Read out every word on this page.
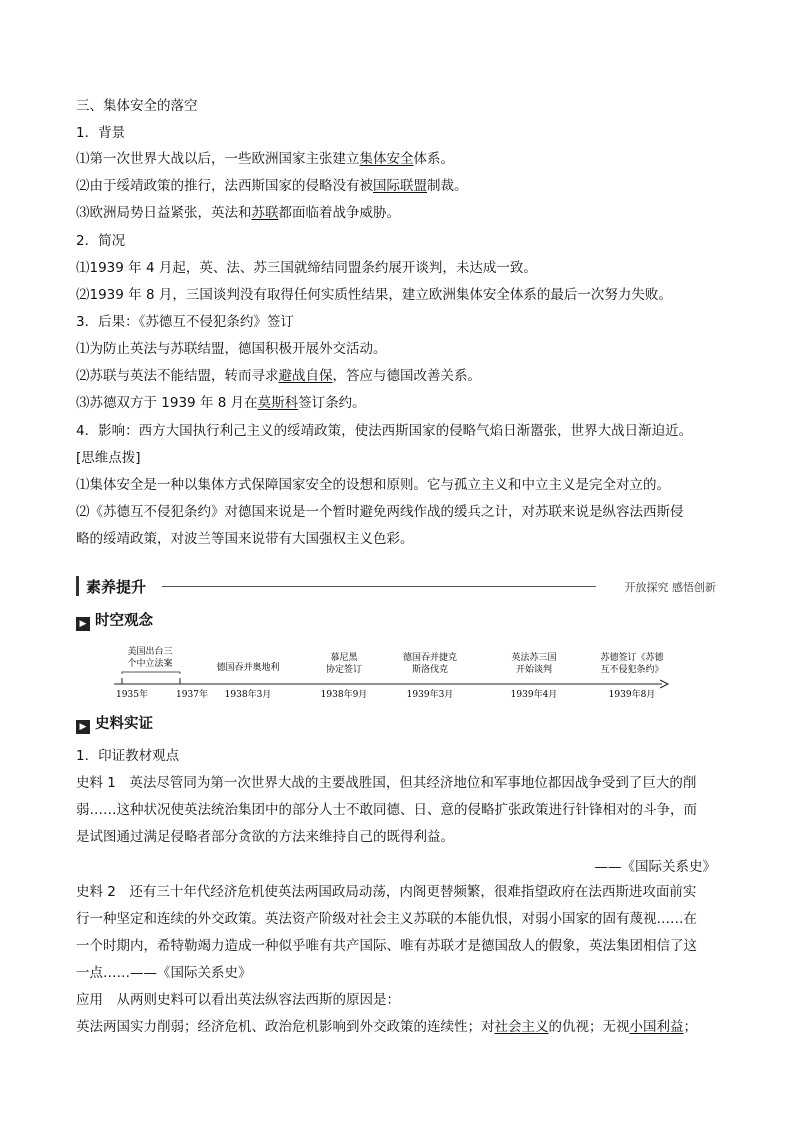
三、集体安全的落空
1．背景
⑴第一次世界大战以后，一些欧洲国家主张建立集体安全体系。
⑵由于绥靖政策的推行，法西斯国家的侵略没有被国际联盟制裁。
⑶欧洲局势日益紧张，英法和苏联都面临着战争威胁。
2．简况
⑴1939 年 4 月起，英、法、苏三国就缔结同盟条约展开谈判，未达成一致。
⑵1939 年 8 月，三国谈判没有取得任何实质性结果，建立欧洲集体安全体系的最后一次努力失败。
3．后果：《苏德互不侵犯条约》签订
⑴为防止英法与苏联结盟，德国积极开展外交活动。
⑵苏联与英法不能结盟，转而寻求避战自保，答应与德国改善关系。
⑶苏德双方于 1939 年 8 月在莫斯科签订条约。
4．影响：西方大国执行利己主义的绥靖政策，使法西斯国家的侵略气焰日渐嚣张，世界大战日渐迫近。
[思维点拨]
⑴集体安全是一种以集体方式保障国家安全的设想和原则。它与孤立主义和中立主义是完全对立的。
⑵《苏德互不侵犯条约》对德国来说是一个暂时避免两线作战的缓兵之计，对苏联来说是纵容法西斯侵
略的绥靖政策，对波兰等国来说带有大国强权主义色彩。
素养提升	开放探究 感悟创新
▶ 时空观念
美国出台三
个中立法案
1935年	1937年
德国吞并奥地利
1938年3月
慕尼黑
协定签订
1938年9月
德国吞并捷克
斯洛伐克
1939年3月
英法苏三国
开始谈判
1939年4月
苏德签订《苏德
互不侵犯条约》
1939年8月
▶ 史料实证
1．印证教材观点
史料 1　英法尽管同为第一次世界大战的主要战胜国，但其经济地位和军事地位都因战争受到了巨大的削
弱……这种状况使英法统治集团中的部分人士不敢同德、日、意的侵略扩张政策进行针锋相对的斗争，而
是试图通过满足侵略者部分贪欲的方法来维持自己的既得利益。
——《国际关系史》
史料 2　还有三十年代经济危机使英法两国政局动荡，内阁更替频繁，很难指望政府在法西斯进攻面前实
行一种坚定和连续的外交政策。英法资产阶级对社会主义苏联的本能仇恨，对弱小国家的固有蔑视……在
一个时期内，希特勒竭力造成一种似乎唯有共产国际、唯有苏联才是德国敌人的假象，英法集团相信了这
一点……——《国际关系史》
应用　从两则史料可以看出英法纵容法西斯的原因是：
英法两国实力削弱；经济危机、政治危机影响到外交政策的连续性；对社会主义的仇视；无视小国利益；
